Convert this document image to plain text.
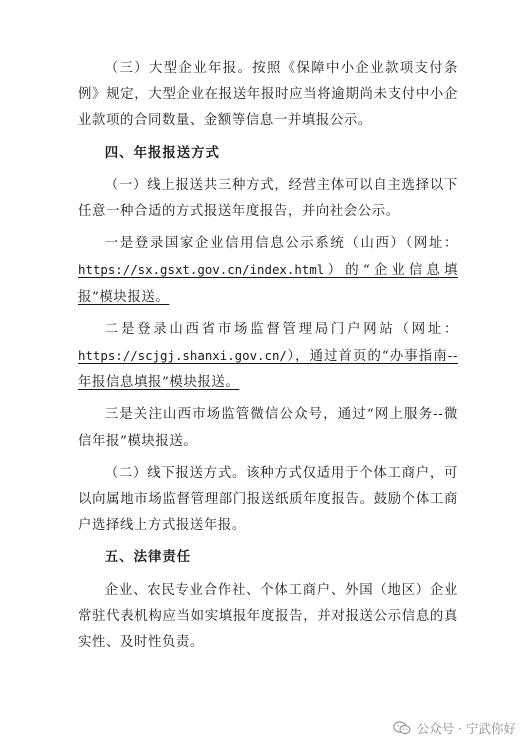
（三）大型企业年报。按照《保障中小企业款项支付条例》规定，大型企业在报送年报时应当将逾期尚未支付中小企业款项的合同数量、金额等信息一并填报公示。

四、年报报送方式

（一）线上报送共三种方式，经营主体可以自主选择以下任意一种合适的方式报送年度报告，并向社会公示。

一是登录国家企业信用信息公示系统（山西）（网址：https://sx.gsxt.gov.cn/index.html）的“企业信息填报”模块报送。

二是登录山西省市场监督管理局门户网站（网址：https://scjgj.shanxi.gov.cn/），通过首页的“办事指南--年报信息填报”模块报送。

三是关注山西市场监管微信公众号，通过“网上服务--微信年报”模块报送。

（二）线下报送方式。该种方式仅适用于个体工商户，可以向属地市场监督管理部门报送纸质年度报告。鼓励个体工商户选择线上方式报送年报。

五、法律责任

企业、农民专业合作社、个体工商户、外国（地区）企业常驻代表机构应当如实填报年度报告，并对报送公示信息的真实性、及时性负责。

公众号 · 宁武你好
